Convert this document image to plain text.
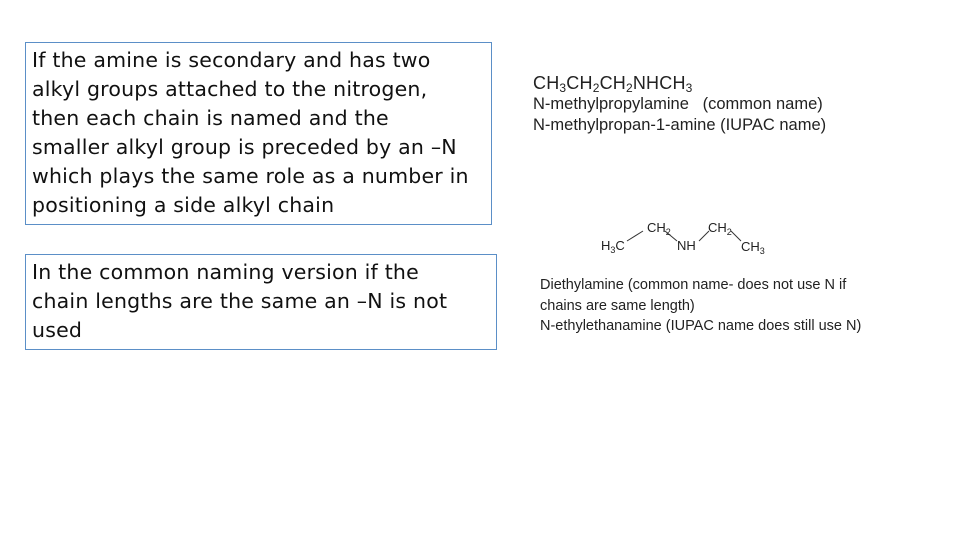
If the amine is secondary and has two
alkyl groups attached to the nitrogen,
then each chain is named and the
smaller alkyl group is preceded by an –N
which plays the same role as a number in
positioning a side alkyl chain
In the common naming version if the
chain lengths are the same an –N is not
used
$CH_3CH_2CH_2NHCH_3$
N-methylpropylamine   (common name)
N-methylpropan-1-amine (IUPAC name)
$H_3C$
$CH_2$
NH
$CH_2$
$CH_3$
Diethylamine (common name- does not use N if
chains are same length)
N-ethylethanamine (IUPAC name does still use N)
